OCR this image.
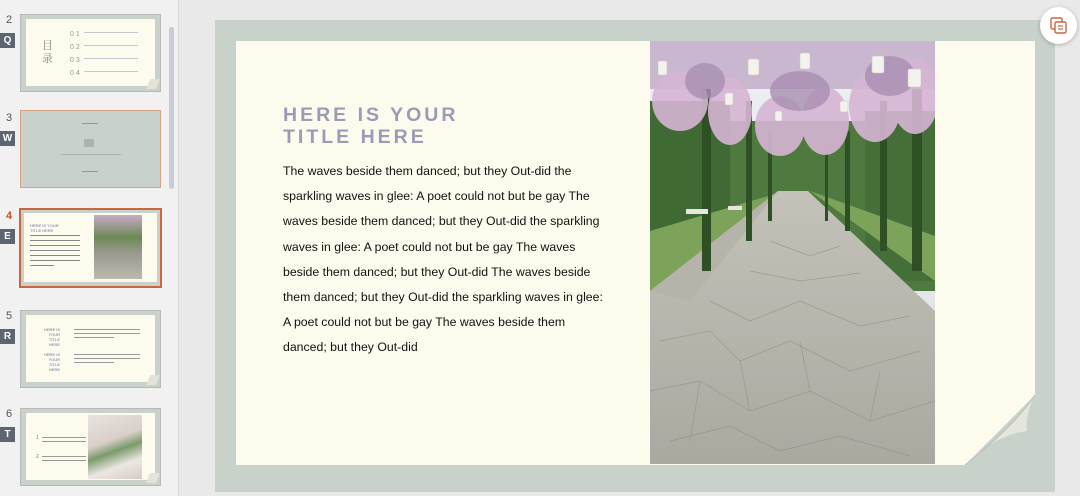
2
Q	目
录
0 1
0 2
0 3
0 4
3
W
4
E
HERE IS YOUR
TITLE HERE
5
R
HERE IS
YOUR
TITLE
HERE
HERE IS
YOUR
TITLE
HERE
6
T	1
2
HERE IS YOUR
TITLE HERE

The waves beside them danced; but they Out-did the sparkling waves in glee: A poet could not but be gay The waves beside them danced; but they Out-did the sparkling waves in glee: A poet could not but be gay The waves beside them danced; but they Out-did The waves beside them danced; but they Out-did the sparkling waves in glee: A poet could not but be gay The waves beside them danced; but they Out-did
